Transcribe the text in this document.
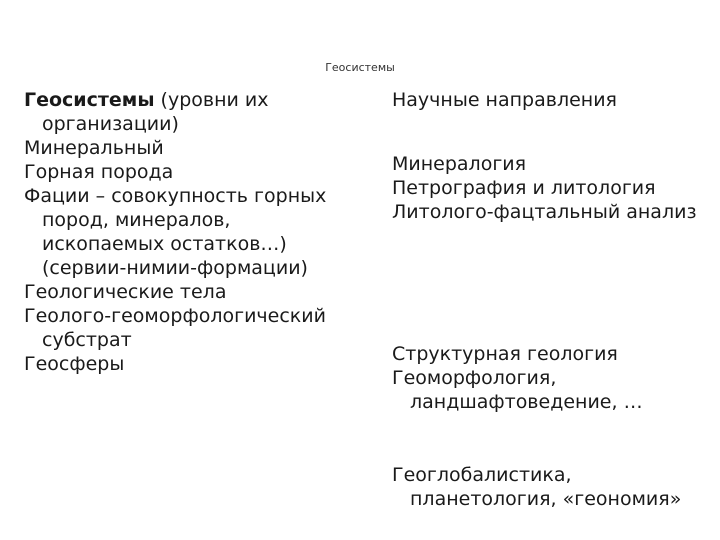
Геосистемы
Геосистемы (уровни их организации)
Минеральный
Горная порода
Фации – совокупность горных пород, минералов, ископаемых остатков…)(сервии-нимии-формации)
Геологические тела
Геолого-геоморфологический субстрат
Геосферы
Научные направления
Минералогия
Петрография и литология
Литолого-фацтальный анализ
Структурная геология
Геоморфология, ландшафтоведение, …
Геоглобалистика, планетология, «геономия»
